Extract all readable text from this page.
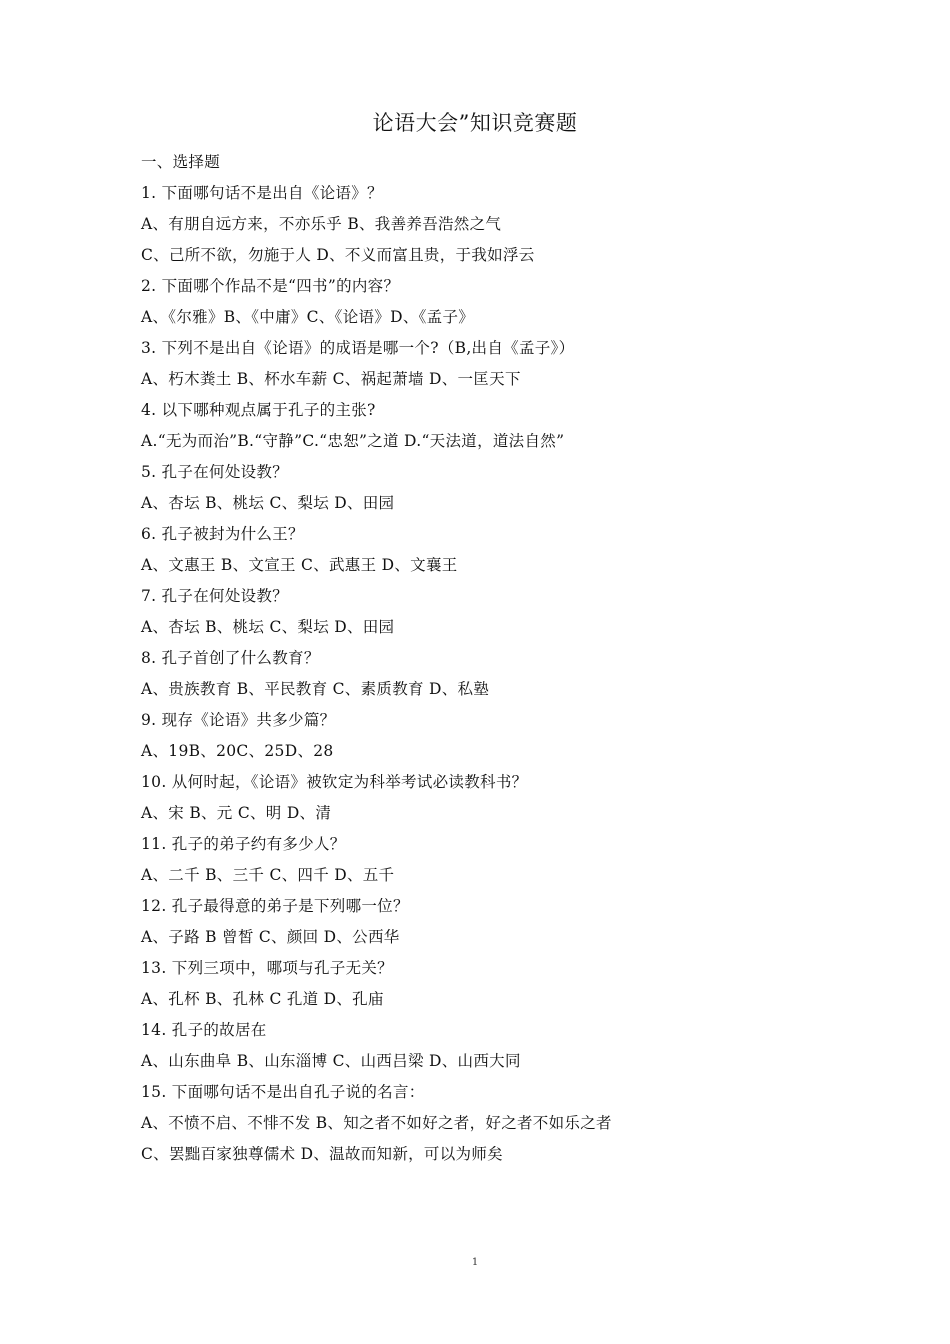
论语大会”知识竞赛题
一、选择题
1. 下面哪句话不是出自《论语》？
A、有朋自远方来，不亦乐乎 B、我善养吾浩然之气
C、己所不欲，勿施于人 D、不义而富且贵，于我如浮云
2. 下面哪个作品不是“四书”的内容？
A、《尔雅》B、《中庸》C、《论语》D、《孟子》
3. 下列不是出自《论语》的成语是哪一个?（B,出自《孟子》）
A、朽木粪土 B、杯水车薪 C、祸起萧墙 D、一匡天下
4. 以下哪种观点属于孔子的主张?
A.“无为而治”B.“守静”C.“忠恕”之道 D.“天法道，道法自然”
5. 孔子在何处设教？
A、杏坛 B、桃坛 C、梨坛 D、田园
6. 孔子被封为什么王？
A、文惠王 B、文宣王 C、武惠王 D、文襄王
7. 孔子在何处设教？
A、杏坛 B、桃坛 C、梨坛 D、田园
8. 孔子首创了什么教育？
A、贵族教育 B、平民教育 C、素质教育 D、私塾
9. 现存《论语》共多少篇？
A、19B、20C、25D、28
10. 从何时起，《论语》被钦定为科举考试必读教科书？
A、宋 B、元 C、明 D、清
11. 孔子的弟子约有多少人？
A、二千 B、三千 C、四千 D、五千
12. 孔子最得意的弟子是下列哪一位？
A、子路 B 曾皙 C、颜回 D、公西华
13. 下列三项中，哪项与孔子无关？
A、孔杯 B、孔林 C 孔道 D、孔庙
14. 孔子的故居在
A、山东曲阜 B、山东淄博 C、山西吕梁 D、山西大同
15. 下面哪句话不是出自孔子说的名言：
A、不愤不启、不悱不发 B、知之者不如好之者，好之者不如乐之者
C、罢黜百家独尊儒术 D、温故而知新，可以为师矣
1
